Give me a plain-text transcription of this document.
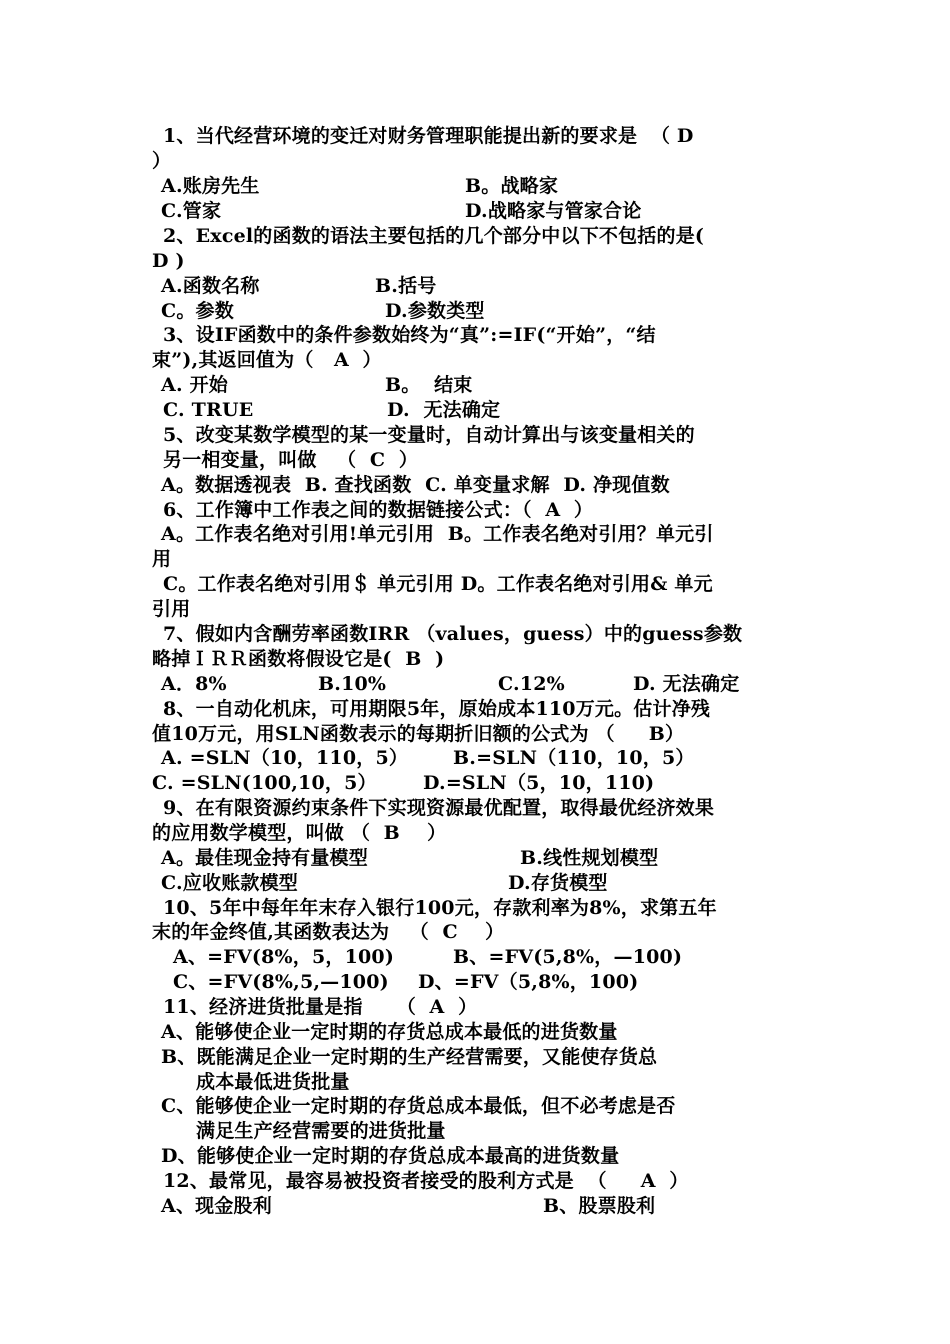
1、当代经营环境的变迁对财务管理职能提出新的要求是  （ D
）
A.账房先生	B。战略家
C.管家	D.战略家与管家合论
2、Excel的函数的语法主要包括的几个部分中以下不包括的是(
D )
A.函数名称	B.括号
C。参数	D.参数类型
3、设IF函数中的条件参数始终为“真”:=IF(“开始”，“结
束”),其返回值为（   A  ）
A. 开始	B。  结束
C. TRUE	D.  无法确定
5、改变某数学模型的某一变量时，自动计算出与该变量相关的
另一相变量，叫做   （  C  ）
A。数据透视表  B. 查找函数  C. 单变量求解  D. 净现值数
6、工作簿中工作表之间的数据链接公式：（  A  ）
A。工作表名绝对引用!单元引用  B。工作表名绝对引用？单元引
用
C。工作表名绝对引用＄ 单元引用 D。工作表名绝对引用& 单元
引用
7、假如内含酬劳率函数IRR （values，guess）中的guess参数
略掉ＩＲＲ函数将假设它是(  B  )
A．8%	B.10%	C.12%	D. 无法确定
8、一自动化机床，可用期限5年，原始成本110万元。估计净残
值10万元，用SLN函数表示的每期折旧额的公式为 （     B）
A. =SLN（10，110，5） B.=SLN（110，10，5）
C. =SLN(100,10，5） D.=SLN（5，10，110)
9、在有限资源约束条件下实现资源最优配置，取得最优经济效果
的应用数学模型，叫做 （  B    ）
A。最佳现金持有量模型	B.线性规划模型
C.应收账款模型	D.存货模型
10、5年中每年年末存入银行100元，存款利率为8%，求第五年
末的年金终值,其函数表达为   （  C    ）
A、=FV(8%，5，100)	B、=FV(5,8%，—100)
C、=FV(8%,5,—100) D、=FV（5,8%，100)
11、经济进货批量是指     （  A  ）
A、能够使企业一定时期的存货总成本最低的进货数量
B、既能满足企业一定时期的生产经营需要，又能使存货总
成本最低进货批量
C、能够使企业一定时期的存货总成本最低，但不必考虑是否
满足生产经营需要的进货批量
D、能够使企业一定时期的存货总成本最高的进货数量
12、最常见，最容易被投资者接受的股利方式是  （     A  ）
A、现金股利	B、股票股利
